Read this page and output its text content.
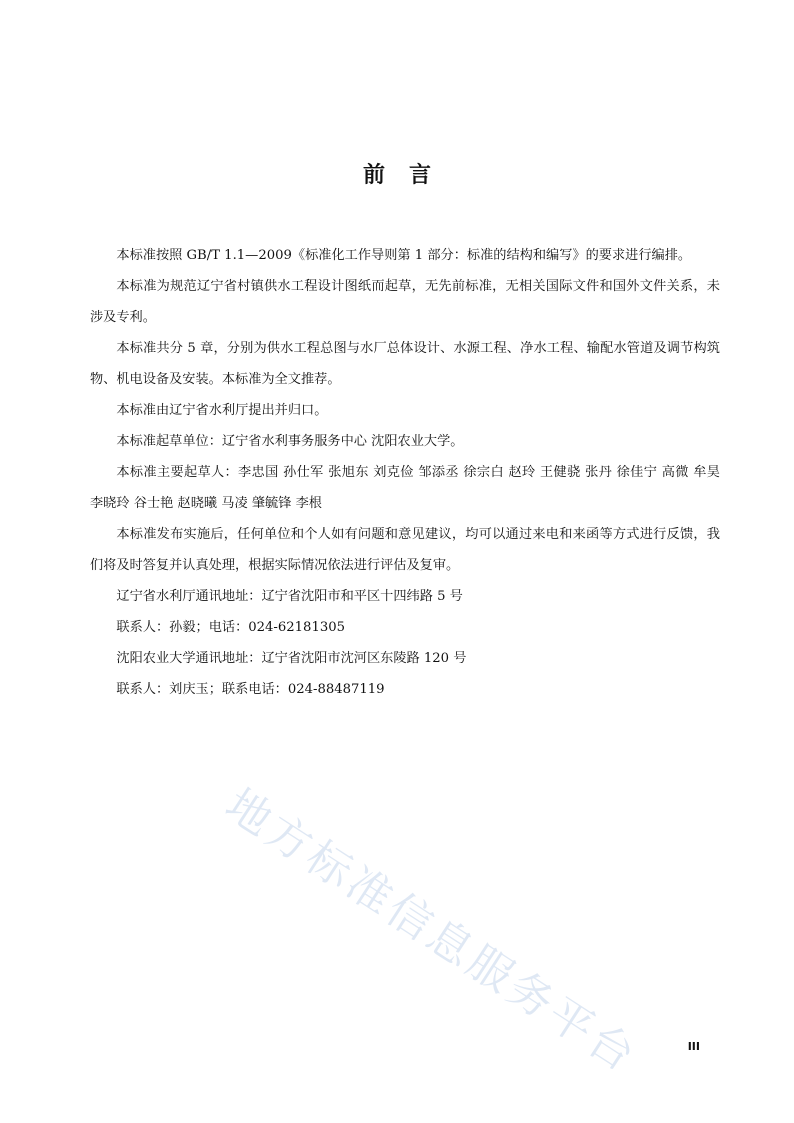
前 言

本标准按照 GB/T 1.1—2009《标准化工作导则第 1 部分：标准的结构和编写》的要求进行编排。

本标准为规范辽宁省村镇供水工程设计图纸而起草，无先前标准，无相关国际文件和国外文件关系，未涉及专利。

本标准共分 5 章，分别为供水工程总图与水厂总体设计、水源工程、净水工程、输配水管道及调节构筑物、机电设备及安装。本标准为全文推荐。

本标准由辽宁省水利厅提出并归口。

本标准起草单位：辽宁省水利事务服务中心 沈阳农业大学。

本标准主要起草人：李忠国 孙仕军 张旭东 刘克俭 邹添丞 徐宗白 赵玲 王健骁 张丹 徐佳宁 高微 牟昊 李晓玲 谷士艳 赵晓曦 马凌 肇毓锋 李根

本标准发布实施后，任何单位和个人如有问题和意见建议，均可以通过来电和来函等方式进行反馈，我们将及时答复并认真处理，根据实际情况依法进行评估及复审。

辽宁省水利厅通讯地址：辽宁省沈阳市和平区十四纬路 5 号

联系人：孙毅；电话：024-62181305

沈阳农业大学通讯地址：辽宁省沈阳市沈河区东陵路 120 号

联系人：刘庆玉；联系电话：024-88487119

地方标准信息服务平台	III
